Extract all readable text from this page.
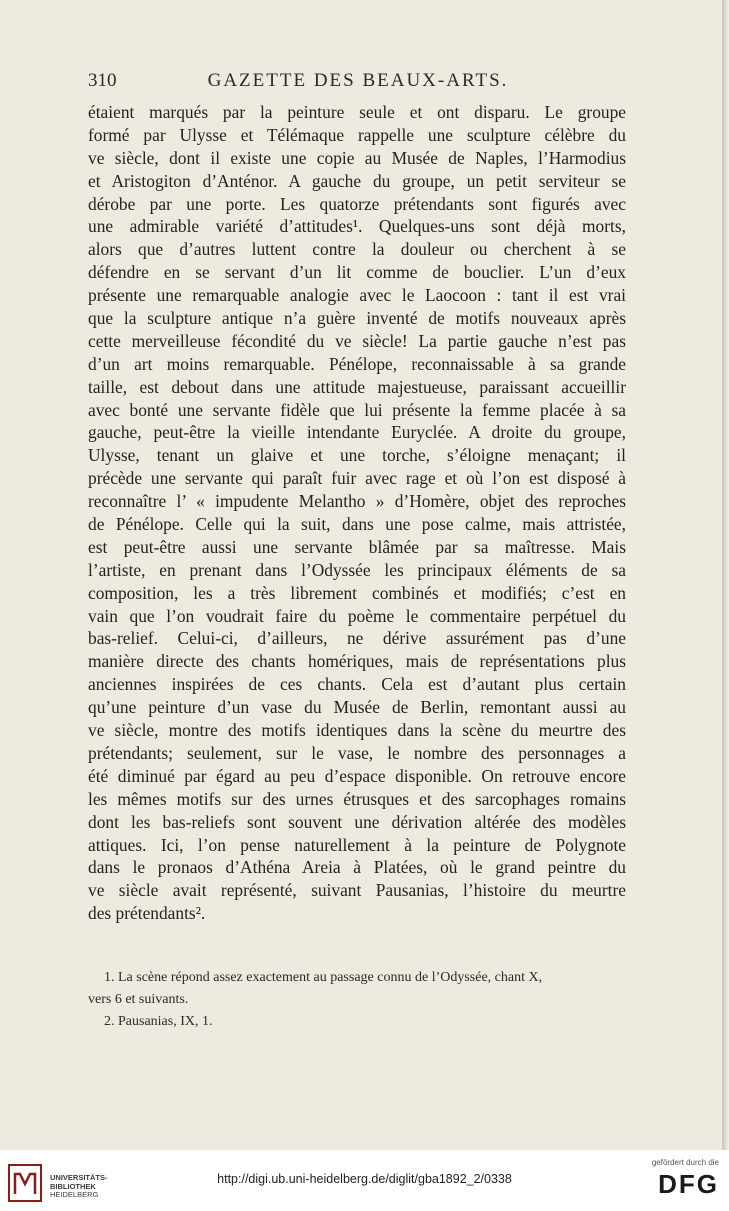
310	GAZETTE DES BEAUX-ARTS.
étaient marqués par la peinture seule et ont disparu. Le groupe
formé par Ulysse et Télémaque rappelle une sculpture célèbre du
ve siècle, dont il existe une copie au Musée de Naples, l’Harmodius
et Aristogiton d’Anténor. A gauche du groupe, un petit serviteur se
dérobe par une porte. Les quatorze prétendants sont figurés avec
une admirable variété d’attitudes¹. Quelques-uns sont déjà morts,
alors que d’autres luttent contre la douleur ou cherchent à se
défendre en se servant d’un lit comme de bouclier. L’un d’eux
présente une remarquable analogie avec le Laocoon : tant il est vrai
que la sculpture antique n’a guère inventé de motifs nouveaux après
cette merveilleuse fécondité du ve siècle! La partie gauche n’est pas
d’un art moins remarquable. Pénélope, reconnaissable à sa grande
taille, est debout dans une attitude majestueuse, paraissant accueillir
avec bonté une servante fidèle que lui présente la femme placée à sa
gauche, peut-être la vieille intendante Euryclée. A droite du groupe,
Ulysse, tenant un glaive et une torche, s’éloigne menaçant; il
précède une servante qui paraît fuir avec rage et où l’on est disposé à
reconnaître l’ « impudente Melantho » d’Homère, objet des reproches
de Pénélope. Celle qui la suit, dans une pose calme, mais attristée,
est peut-être aussi une servante blâmée par sa maîtresse. Mais
l’artiste, en prenant dans l’Odyssée les principaux éléments de sa
composition, les a très librement combinés et modifiés; c’est en
vain que l’on voudrait faire du poème le commentaire perpétuel du
bas-relief. Celui-ci, d’ailleurs, ne dérive assurément pas d’une
manière directe des chants homériques, mais de représentations plus
anciennes inspirées de ces chants. Cela est d’autant plus certain
qu’une peinture d’un vase du Musée de Berlin, remontant aussi au
ve siècle, montre des motifs identiques dans la scène du meurtre des
prétendants; seulement, sur le vase, le nombre des personnages a
été diminué par égard au peu d’espace disponible. On retrouve encore
les mêmes motifs sur des urnes étrusques et des sarcophages romains
dont les bas-reliefs sont souvent une dérivation altérée des modèles
attiques. Ici, l’on pense naturellement à la peinture de Polygnote
dans le pronaos d’Athéna Areia à Platées, où le grand peintre du
ve siècle avait représenté, suivant Pausanias, l’histoire du meurtre
des prétendants².
1. La scène répond assez exactement au passage connu de l’Odyssée, chant X,
vers 6 et suivants.
2. Pausanias, IX, 1.
UNIVERSITÄTS-
BIBLIOTHEK
HEIDELBERG
http://digi.ub.uni-heidelberg.de/diglit/gba1892_2/0338
gefördert durch die
DFG
